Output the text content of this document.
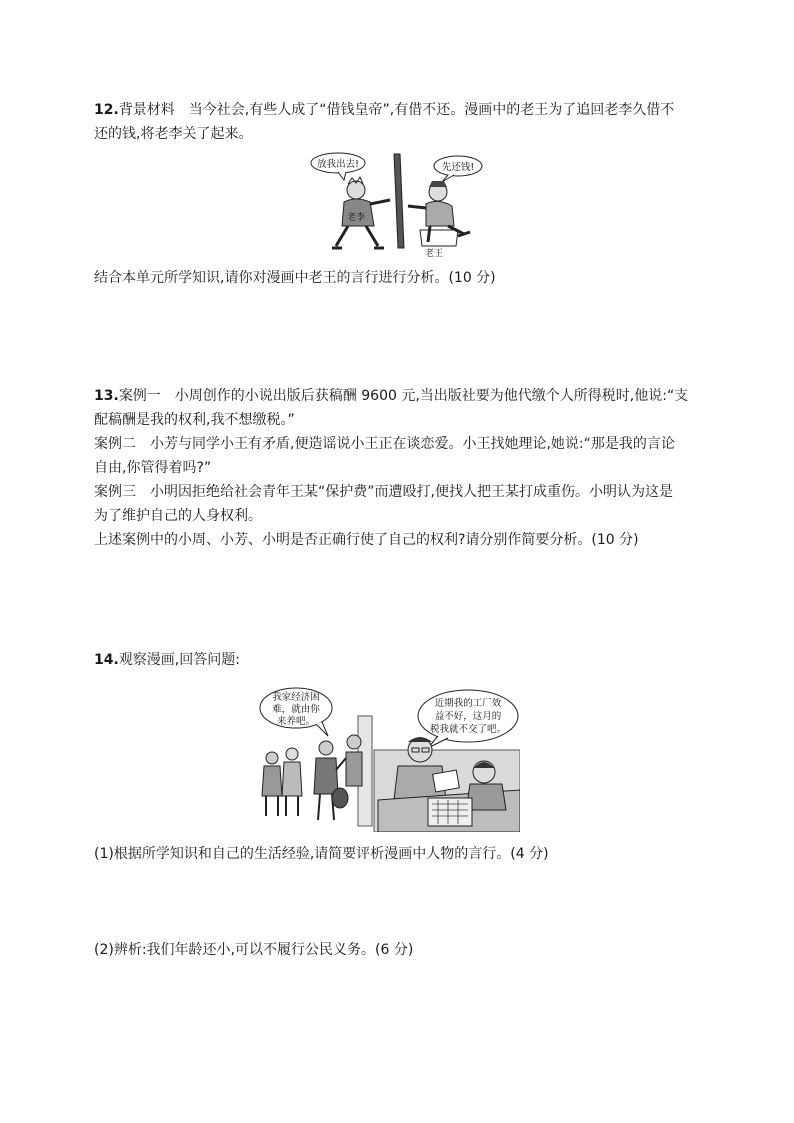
12.背景材料　当今社会,有些人成了“借钱皇帝”,有借不还。漫画中的老王为了追回老李久借不

还的钱,将老李关了起来。

放我出去!	先还钱!
老李
老王

结合本单元所学知识,请你对漫画中老王的言行进行分析。(10 分)

13.案例一　小周创作的小说出版后获稿酬 9600 元,当出版社要为他代缴个人所得税时,他说:“支

配稿酬是我的权利,我不想缴税。”

案例二　小芳与同学小王有矛盾,便造谣说小王正在谈恋爱。小王找她理论,她说:“那是我的言论

自由,你管得着吗?”

案例三　小明因拒绝给社会青年王某“保护费”而遭殴打,便找人把王某打成重伤。小明认为这是

为了维护自己的人身权利。

上述案例中的小周、小芳、小明是否正确行使了自己的权利?请分别作简要分析。(10 分)

14.观察漫画,回答问题:

我家经济困
难，就由你
来养吧。
近期我的工厂效
益不好，这月的
税我就不交了吧。

(1)根据所学知识和自己的生活经验,请简要评析漫画中人物的言行。(4 分)

(2)辨析:我们年龄还小,可以不履行公民义务。(6 分)
